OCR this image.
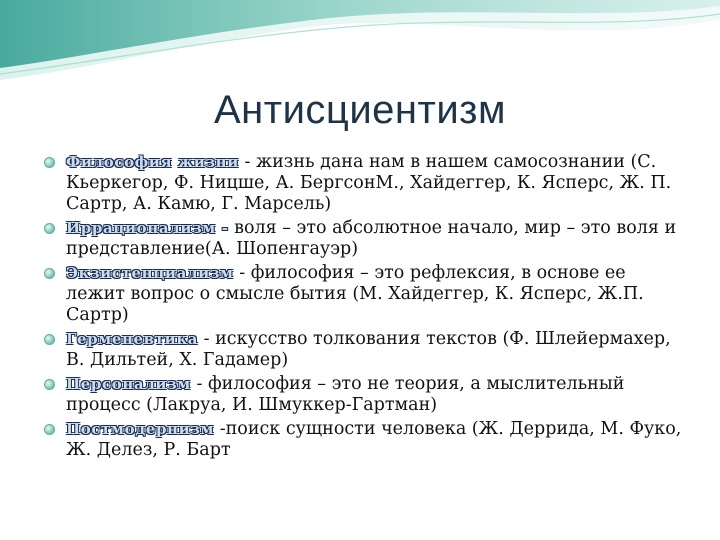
Антисциентизм
Философия жизни - жизнь дана нам в нашем самосознании (С. Кьеркегор, Ф. Ницше, А. БергсонМ., Хайдеггер, К. Ясперс, Ж. П. Сартр, А. Камю, Г. Марсель)
Иррационализм - воля – это абсолютное начало, мир – это воля и представление(А. Шопенгауэр)
Экзистенциализм - философия – это рефлексия, в основе ее лежит вопрос о смысле бытия (М. Хайдеггер, К. Ясперс, Ж.П. Сартр)
Герменевтика - искусство толкования текстов (Ф. Шлейермахер, В. Дильтей, Х. Гадамер)
Персонализм - философия – это не теория, а мыслительный процесс (Лакруа, И. Шмуккер-Гартман)
Постмодернизм -поиск сущности человека (Ж. Деррида, М. Фуко, Ж. Делез, Р. Барт
